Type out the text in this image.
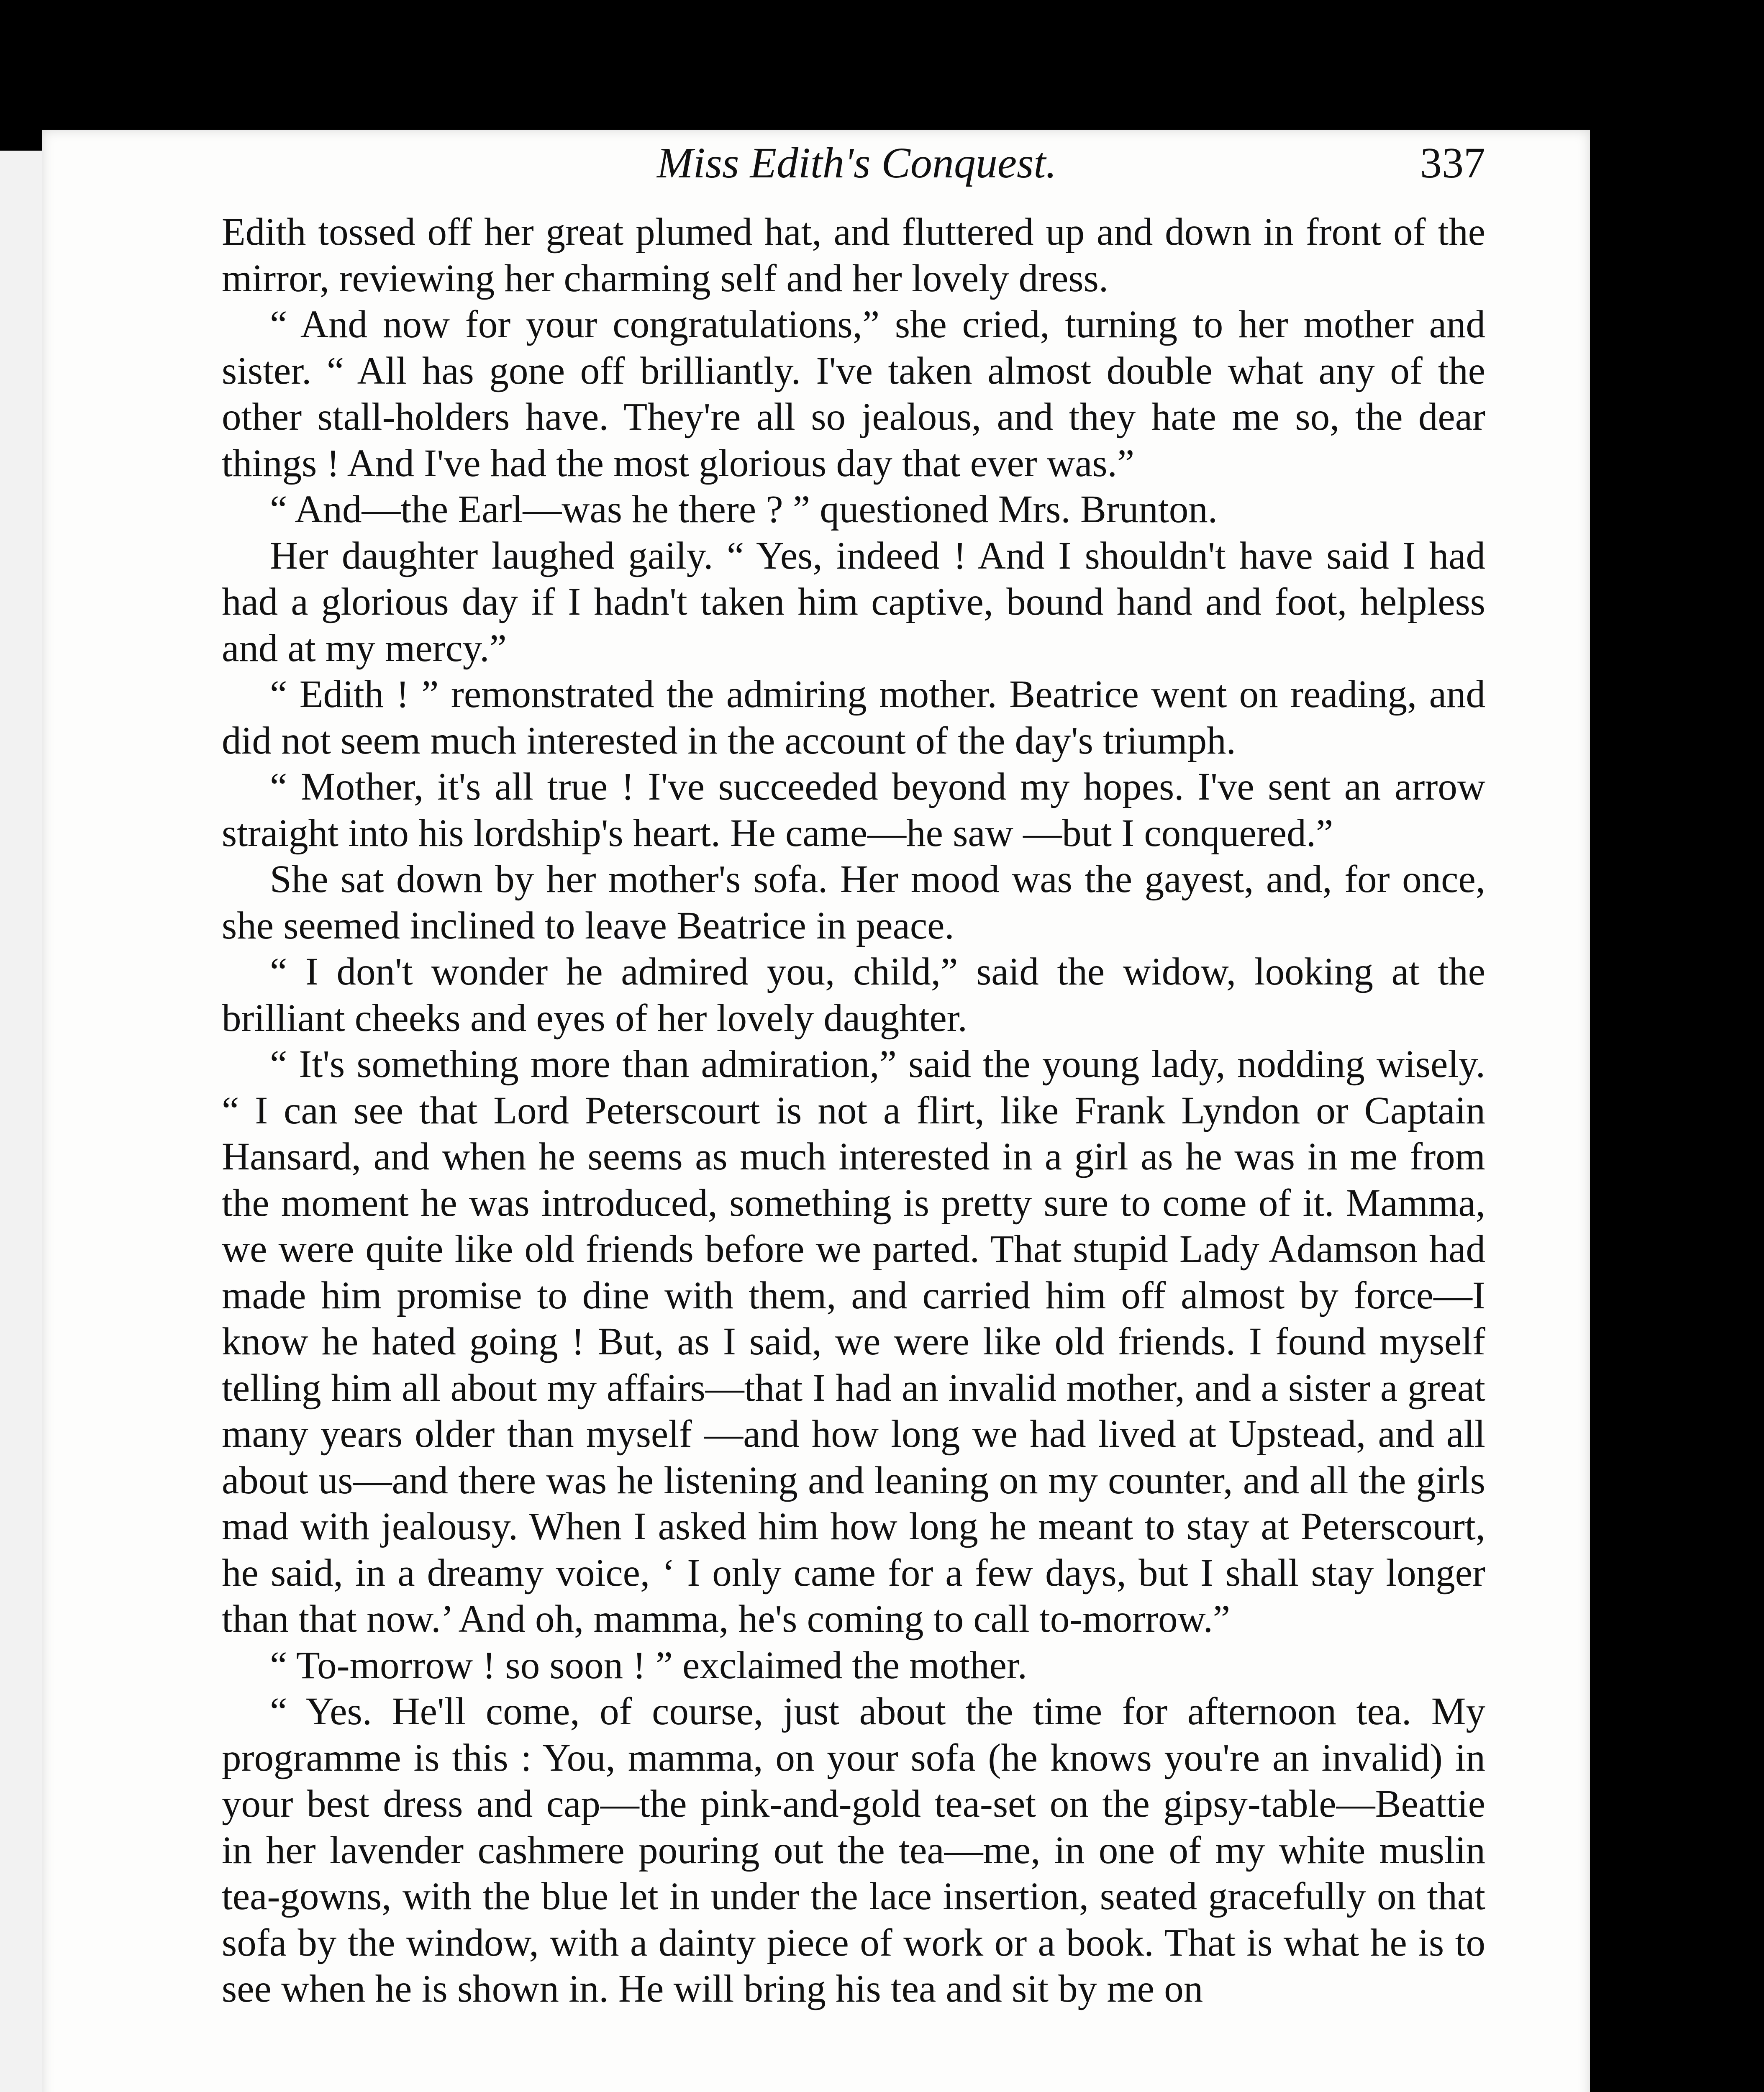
Miss Edith's Conquest.	337

Edith tossed off her great plumed hat, and fluttered up and down in front of the mirror, reviewing her charming self and her lovely dress.

“ And now for your congratulations,” she cried, turning to her mother and sister. “ All has gone off brilliantly. I've taken almost double what any of the other stall-holders have. They're all so jealous, and they hate me so, the dear things ! And I've had the most glorious day that ever was.”

“ And—the Earl—was he there ? ” questioned Mrs. Brunton.

Her daughter laughed gaily. “ Yes, indeed ! And I shouldn't have said I had had a glorious day if I hadn't taken him captive, bound hand and foot, helpless and at my mercy.”

“ Edith ! ” remonstrated the admiring mother. Beatrice went on reading, and did not seem much interested in the account of the day's triumph.

“ Mother, it's all true ! I've succeeded beyond my hopes. I've sent an arrow straight into his lordship's heart. He came—he saw —but I conquered.”

She sat down by her mother's sofa. Her mood was the gayest, and, for once, she seemed inclined to leave Beatrice in peace.

“ I don't wonder he admired you, child,” said the widow, looking at the brilliant cheeks and eyes of her lovely daughter.

“ It's something more than admiration,” said the young lady, nodding wisely. “ I can see that Lord Peterscourt is not a flirt, like Frank Lyndon or Captain Hansard, and when he seems as much interested in a girl as he was in me from the moment he was introduced, something is pretty sure to come of it. Mamma, we were quite like old friends before we parted. That stupid Lady Adamson had made him promise to dine with them, and carried him off almost by force—I know he hated going ! But, as I said, we were like old friends. I found myself telling him all about my affairs—that I had an invalid mother, and a sister a great many years older than myself —and how long we had lived at Upstead, and all about us—and there was he listening and leaning on my counter, and all the girls mad with jealousy. When I asked him how long he meant to stay at Peterscourt, he said, in a dreamy voice, ‘ I only came for a few days, but I shall stay longer than that now.’ And oh, mamma, he's coming to call to-morrow.”

“ To-morrow ! so soon ! ” exclaimed the mother.

“ Yes. He'll come, of course, just about the time for afternoon tea. My programme is this : You, mamma, on your sofa (he knows you're an invalid) in your best dress and cap—the pink-and-gold tea-set on the gipsy-table—Beattie in her lavender cashmere pouring out the tea—me, in one of my white muslin tea-gowns, with the blue let in under the lace insertion, seated gracefully on that sofa by the window, with a dainty piece of work or a book. That is what he is to see when he is shown in. He will bring his tea and sit by me on
